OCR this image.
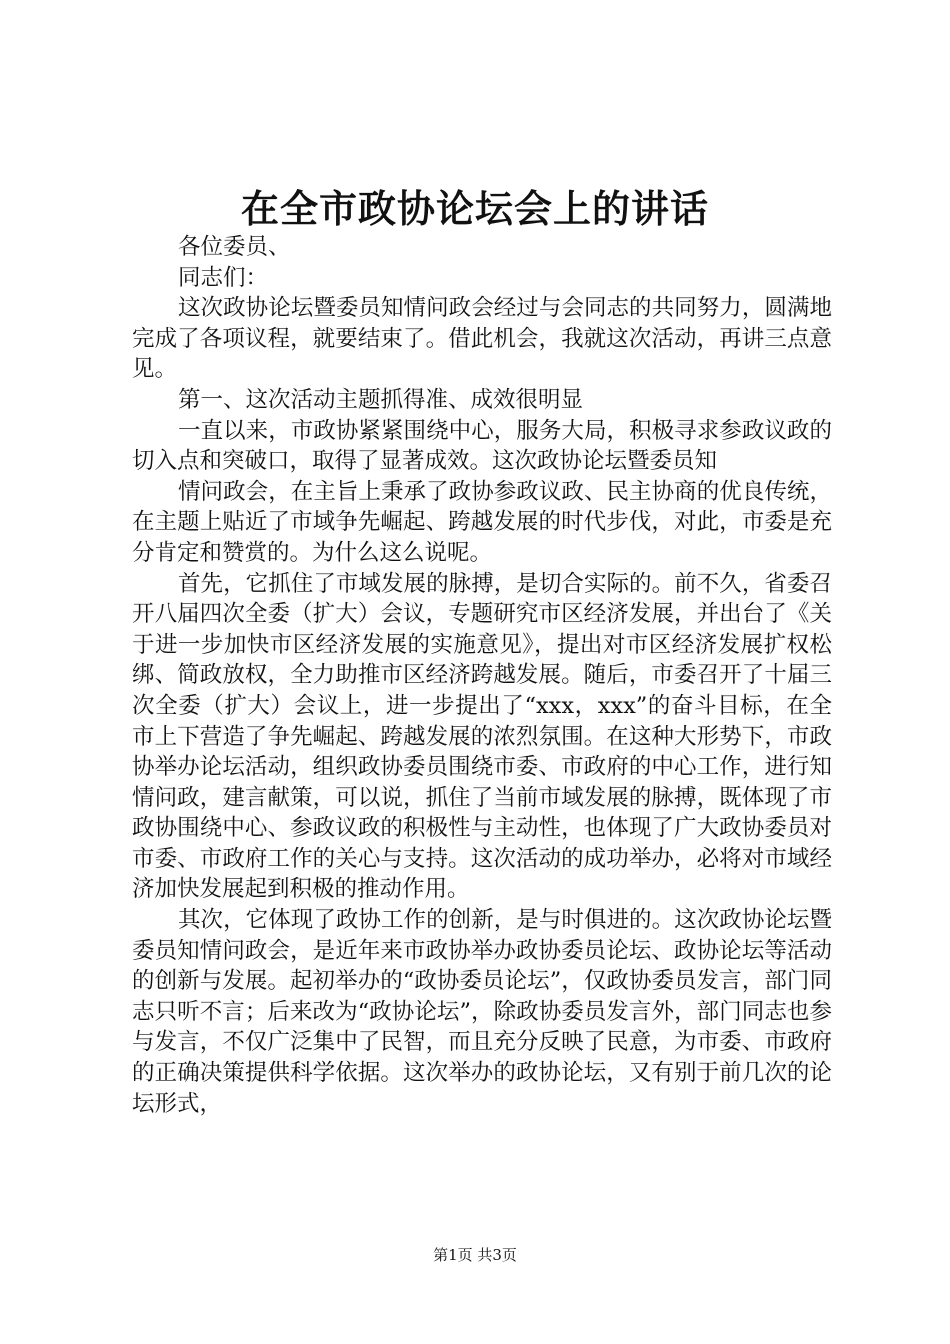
在全市政协论坛会上的讲话

各位委员、

同志们：

这次政协论坛暨委员知情问政会经过与会同志的共同努力，圆满地完成了各项议程，就要结束了。借此机会，我就这次活动，再讲三点意见。

第一、这次活动主题抓得准、成效很明显

一直以来，市政协紧紧围绕中心，服务大局，积极寻求参政议政的切入点和突破口，取得了显著成效。这次政协论坛暨委员知

情问政会，在主旨上秉承了政协参政议政、民主协商的优良传统，在主题上贴近了市域争先崛起、跨越发展的时代步伐，对此，市委是充分肯定和赞赏的。为什么这么说呢。

首先，它抓住了市域发展的脉搏，是切合实际的。前不久，省委召开八届四次全委（扩大）会议，专题研究市区经济发展，并出台了《关于进一步加快市区经济发展的实施意见》，提出对市区经济发展扩权松绑、简政放权，全力助推市区经济跨越发展。随后，市委召开了十届三次全委（扩大）会议上，进一步提出了“xxx，xxx”的奋斗目标，在全市上下营造了争先崛起、跨越发展的浓烈氛围。在这种大形势下，市政协举办论坛活动，组织政协委员围绕市委、市政府的中心工作，进行知情问政，建言献策，可以说，抓住了当前市域发展的脉搏，既体现了市政协围绕中心、参政议政的积极性与主动性，也体现了广大政协委员对市委、市政府工作的关心与支持。这次活动的成功举办，必将对市域经济加快发展起到积极的推动作用。

其次，它体现了政协工作的创新，是与时俱进的。这次政协论坛暨委员知情问政会，是近年来市政协举办政协委员论坛、政协论坛等活动的创新与发展。起初举办的“政协委员论坛”，仅政协委员发言，部门同志只听不言；后来改为“政协论坛”，除政协委员发言外，部门同志也参与发言，不仅广泛集中了民智，而且充分反映了民意，为市委、市政府的正确决策提供科学依据。这次举办的政协论坛，又有别于前几次的论坛形式，

第1页 共3页
